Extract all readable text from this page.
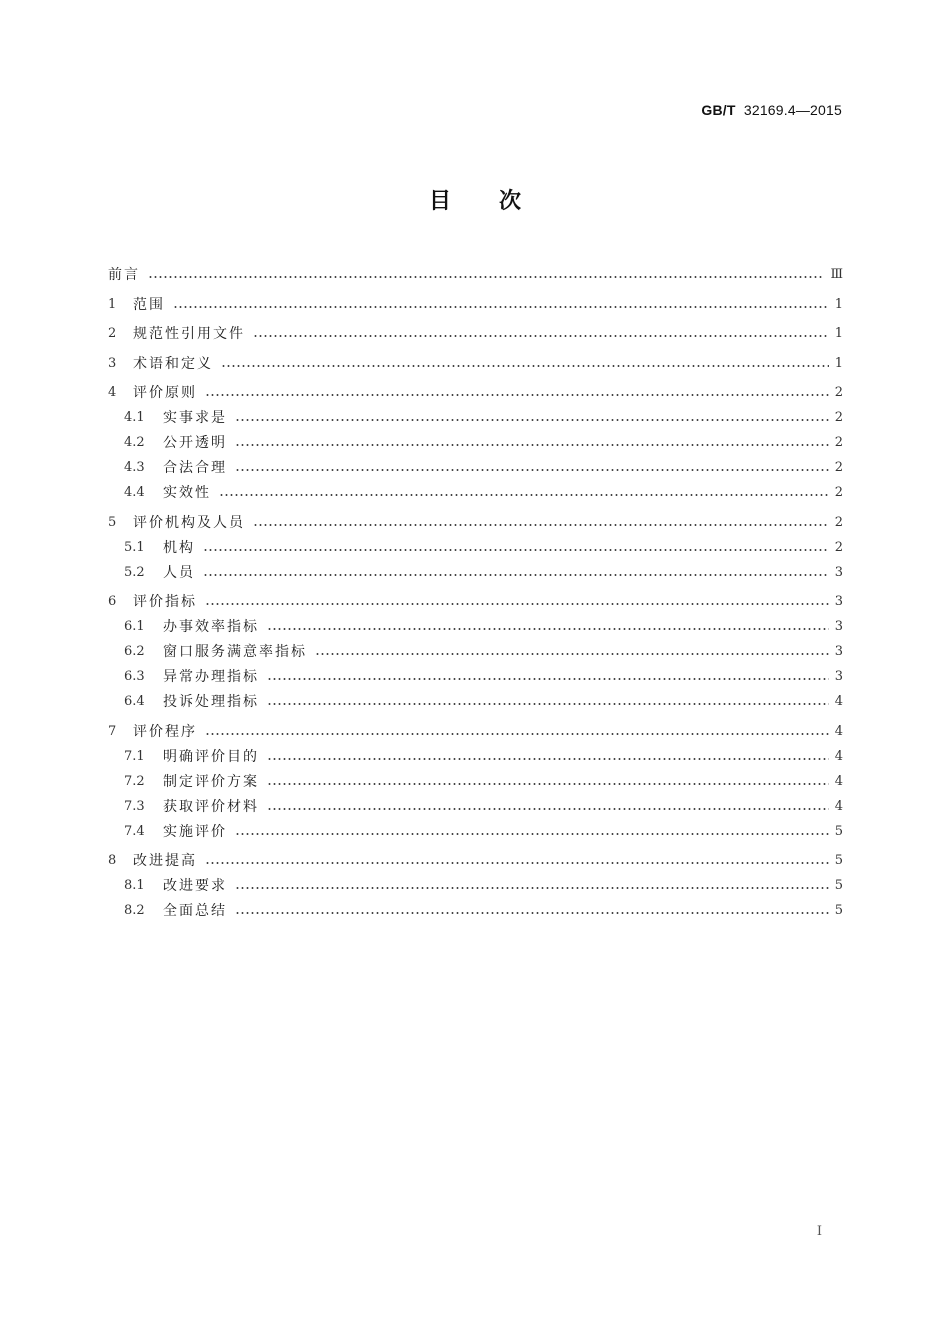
GB/T 32169.4—2015
目次
前言	Ⅲ
1	范围	1
2	规范性引用文件	1
3	术语和定义	1
4	评价原则	2
4.1	实事求是	2
4.2	公开透明	2
4.3	合法合理	2
4.4	实效性	2
5	评价机构及人员	2
5.1	机构	2
5.2	人员	3
6	评价指标	3
6.1	办事效率指标	3
6.2	窗口服务满意率指标	3
6.3	异常办理指标	3
6.4	投诉处理指标	4
7	评价程序	4
7.1	明确评价目的	4
7.2	制定评价方案	4
7.3	获取评价材料	4
7.4	实施评价	5
8	改进提高	5
8.1	改进要求	5
8.2	全面总结	5
Ⅰ
